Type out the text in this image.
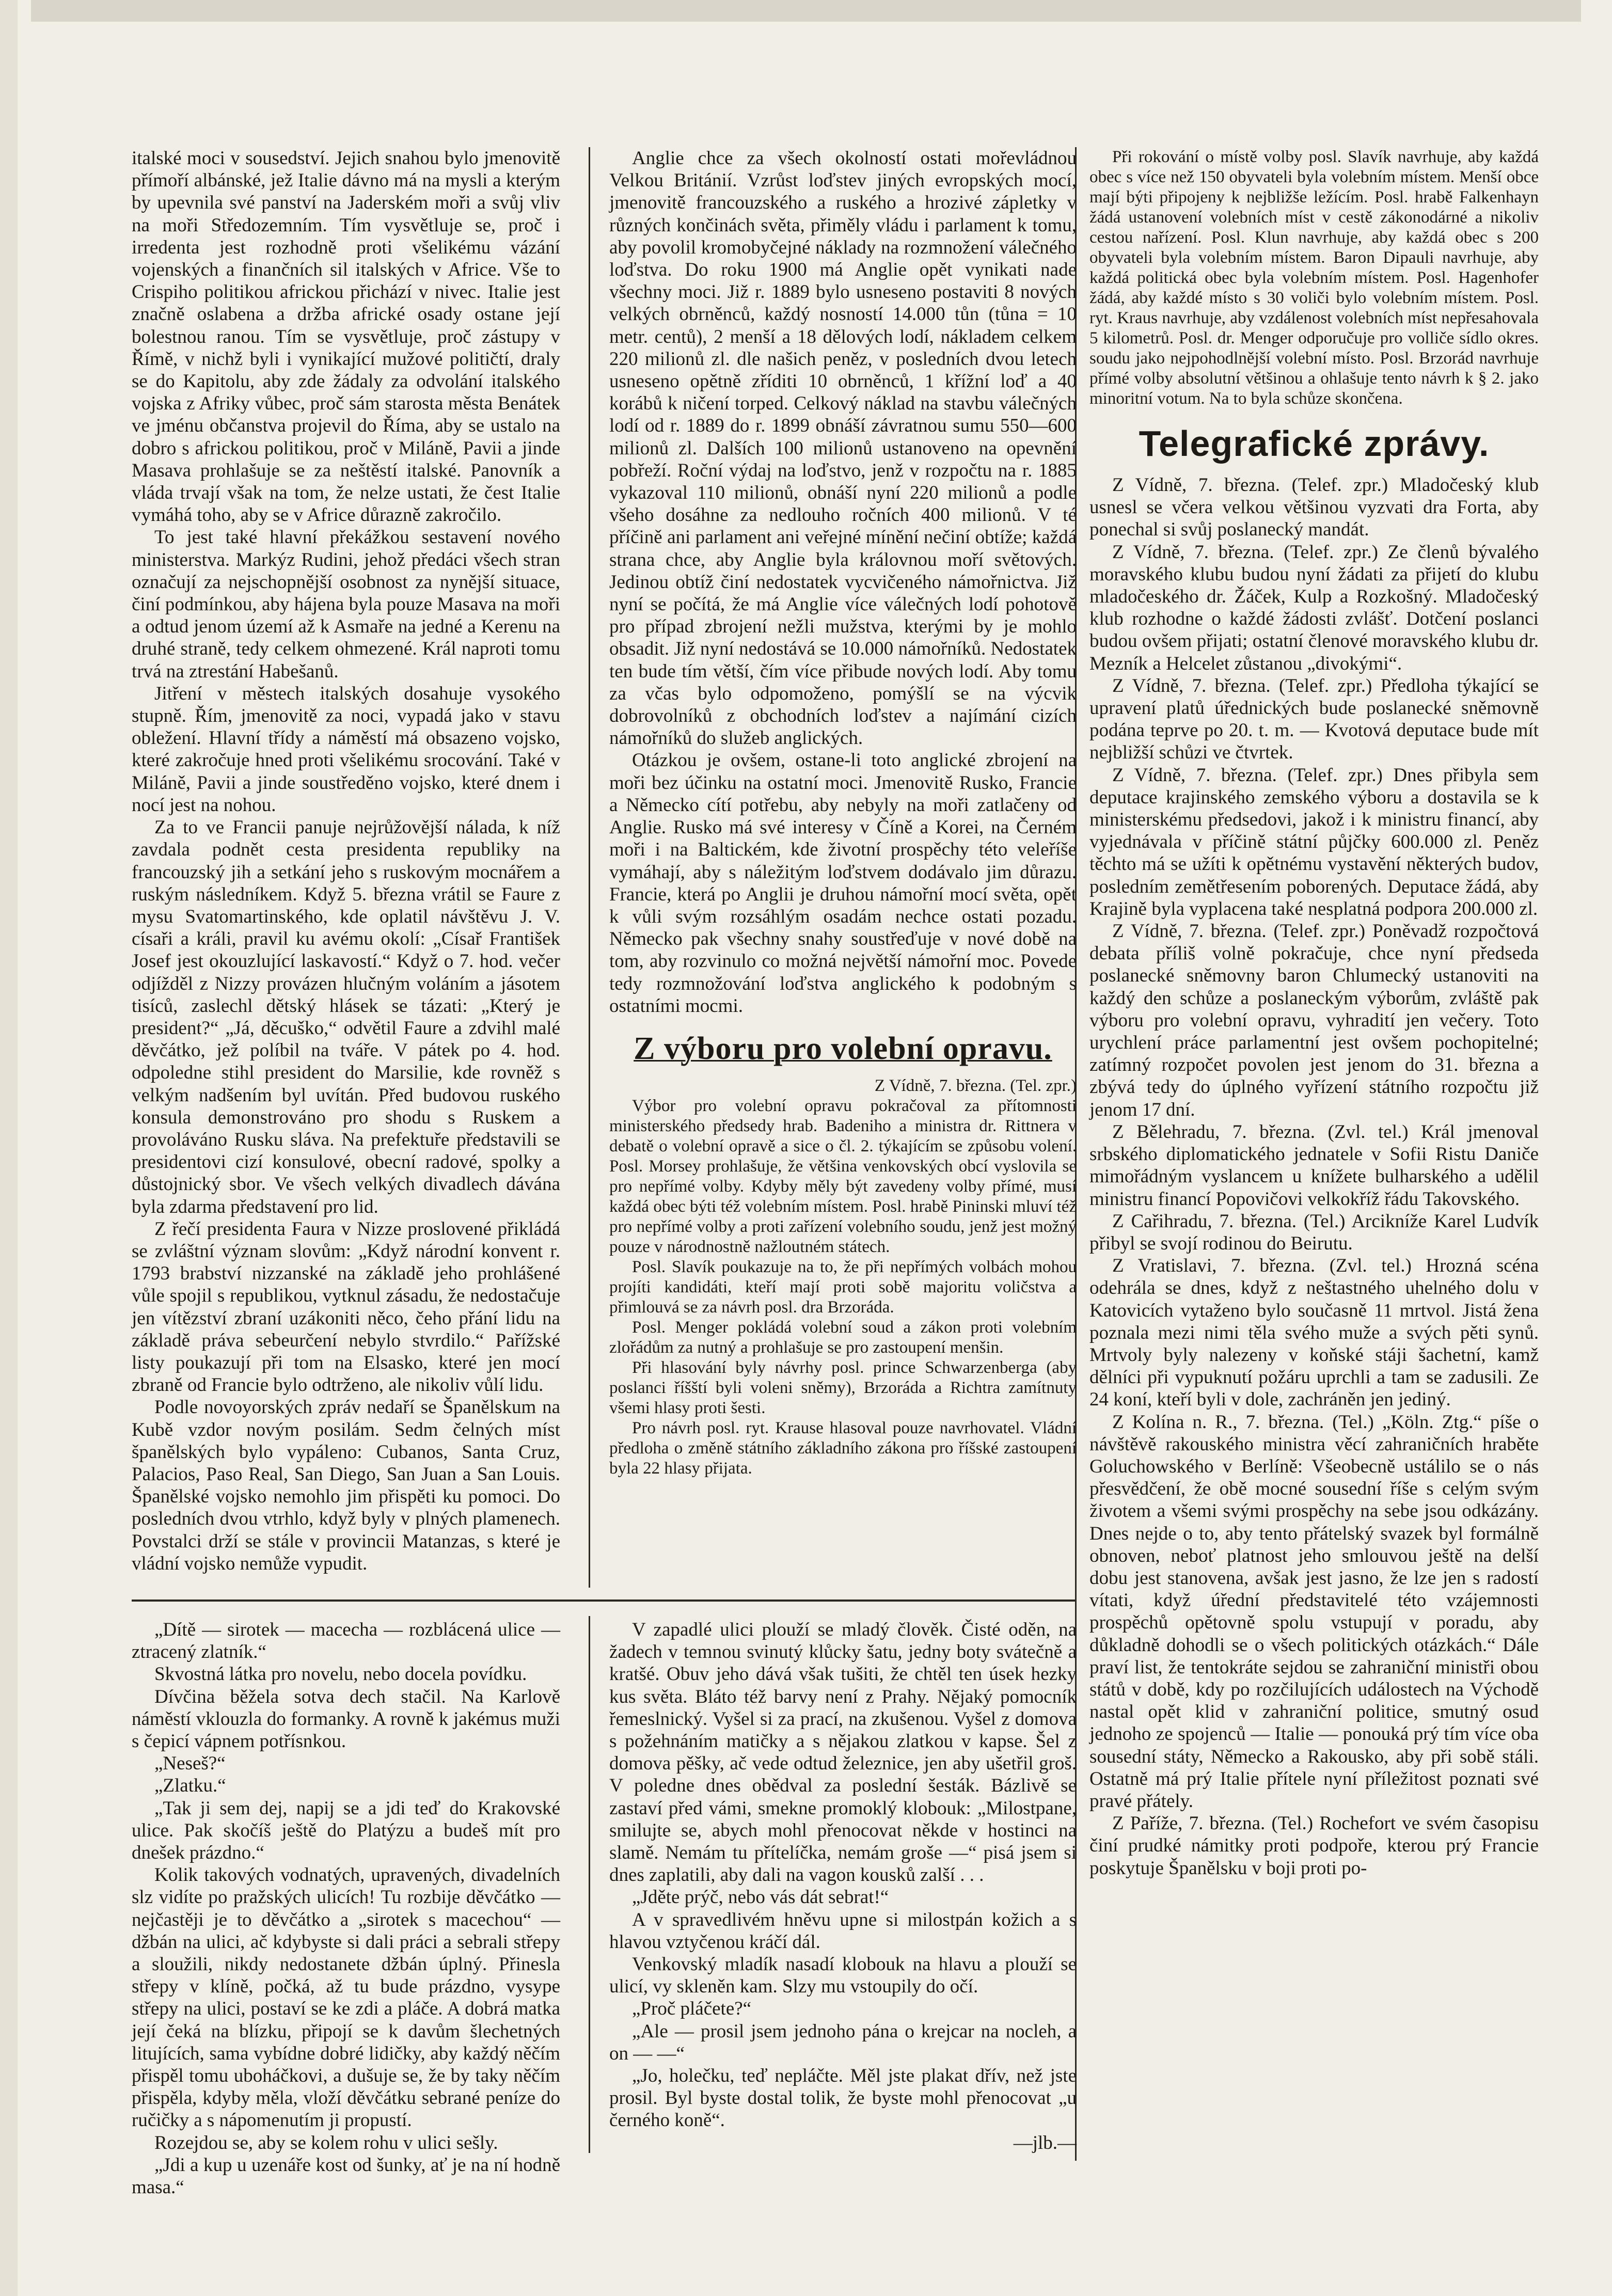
italské moci v sousedství. Jejich snahou bylo jmenovitě přímoří albánské, jež Italie dávno má na mysli a kterým by upevnila své panství na Jaderském moři a svůj vliv na moři Středozemním. Tím vysvětluje se, proč i irredenta jest rozhodně proti všelikému vázání vojenských a finančních sil italských v Africe. Vše to Crispiho politikou africkou přichází v nivec. Italie jest značně oslabena a držba africké osady ostane její bolestnou ranou. Tím se vysvětluje, proč zástupy v Římě, v nichž byli i vynikající mužové političtí, draly se do Kapitolu, aby zde žádaly za odvolání italského vojska z Afriky vůbec, proč sám starosta města Benátek ve jménu občanstva projevil do Říma, aby se ustalo na dobro s africkou politikou, proč v Miláně, Pavii a jinde Masava prohlašuje se za neštěstí italské. Panovník a vláda trvají však na tom, že nelze ustati, že čest Italie vymáhá toho, aby se v Africe důrazně zakročilo.

To jest také hlavní překážkou sestavení nového ministerstva. Markýz Rudini, jehož předáci všech stran označují za nejschopnější osobnost za nynější situace, činí podmínkou, aby hájena byla pouze Masava na moři a odtud jenom území až k Asmaře na jedné a Kerenu na druhé straně, tedy celkem ohmezené. Král naproti tomu trvá na ztrestání Habešanů.

Jitření v městech italských dosahuje vysokého stupně. Řím, jmenovitě za noci, vypadá jako v stavu obležení. Hlavní třídy a náměstí má obsazeno vojsko, které zakročuje hned proti všelikému srocování. Také v Miláně, Pavii a jinde soustředěno vojsko, které dnem i nocí jest na nohou.

Za to ve Francii panuje nejrůžovější nálada, k níž zavdala podnět cesta presidenta republiky na francouzský jih a setkání jeho s ruskovým mocnářem a ruským následníkem. Když 5. března vrátil se Faure z mysu Svatomartinského, kde oplatil návštěvu J. V. císaři a králi, pravil ku avému okolí: „Císař František Josef jest okouzlující laskavostí.“ Když o 7. hod. večer odjížděl z Nizzy provázen hlučným voláním a jásotem tisíců, zaslechl dětský hlásek se tázati: „Který je president?“ „Já, děcuško,“ odvětil Faure a zdvihl malé děvčátko, jež políbil na tváře. V pátek po 4. hod. odpoledne stihl president do Marsilie, kde rovněž s velkým nadšením byl uvítán. Před budovou ruského konsula demonstrováno pro shodu s Ruskem a provoláváno Rusku sláva. Na prefektuře představili se presidentovi cizí konsulové, obecní radové, spolky a důstojnický sbor. Ve všech velkých divadlech dávána byla zdarma představení pro lid.

Z řečí presidenta Faura v Nizze proslovené přikládá se zvláštní význam slovům: „Když národní konvent r. 1793 brabství nizzanské na základě jeho prohlášené vůle spojil s republikou, vytknul zásadu, že nedostačuje jen vítězství zbraní uzákoniti něco, čeho přání lidu na základě práva sebeurčení nebylo stvrdilo.“ Pařížské listy poukazují při tom na Elsasko, které jen mocí zbraně od Francie bylo odtrženo, ale nikoliv vůlí lidu.

Podle novoyorských zpráv nedaří se Španělskum na Kubě vzdor novým posilám. Sedm čelných míst španělských bylo vypáleno: Cubanos, Santa Cruz, Palacios, Paso Real, San Diego, San Juan a San Louis. Španělské vojsko nemohlo jim přispěti ku pomoci. Do posledních dvou vtrhlo, když byly v plných plamenech. Povstalci drží se stále v provincii Matanzas, s které je vládní vojsko nemůže vypudit.

Anglie chce za všech okolností ostati mořevládnou Velkou Británií. Vzrůst loďstev jiných evropských mocí, jmenovitě francouzského a ruského a hrozivé zápletky v různých končinách světa, přiměly vládu i parlament k tomu, aby povolil kromobyčejné náklady na rozmnožení válečného loďstva. Do roku 1900 má Anglie opět vynikati nade všechny moci. Již r. 1889 bylo usneseno postaviti 8 nových velkých obrněnců, každý nosností 14.000 tůn (tůna = 10 metr. centů), 2 menší a 18 dělových lodí, nákladem celkem 220 milionů zl. dle našich peněz, v posledních dvou letech usneseno opětně zříditi 10 obrněnců, 1 křížní loď a 40 korábů k ničení torped. Celkový náklad na stavbu válečných lodí od r. 1889 do r. 1899 obnáší závratnou sumu 550—600 milionů zl. Dalších 100 milionů ustanoveno na opevnění pobřeží. Roční výdaj na loďstvo, jenž v rozpočtu na r. 1885 vykazoval 110 milionů, obnáší nyní 220 milionů a podle všeho dosáhne za nedlouho ročních 400 milionů. V té příčině ani parlament ani veřejné mínění nečiní obtíže; každá strana chce, aby Anglie byla královnou moří světových. Jedinou obtíž činí nedostatek vycvičeného námořnictva. Již nyní se počítá, že má Anglie více válečných lodí pohotově pro případ zbrojení nežli mužstva, kterými by je mohlo obsadit. Již nyní nedostává se 10.000 námořníků. Nedostatek ten bude tím větší, čím více přibude nových lodí. Aby tomu za včas bylo odpomoženo, pomýšlí se na výcvik dobrovolníků z obchodních loďstev a najímání cizích námořníků do služeb anglických.

Otázkou je ovšem, ostane-li toto anglické zbrojení na moři bez účinku na ostatní moci. Jmenovitě Rusko, Francie a Německo cítí potřebu, aby nebyly na moři zatlačeny od Anglie. Rusko má své interesy v Číně a Korei, na Černém moři i na Baltickém, kde životní prospěchy této veleříše vymáhají, aby s náležitým loďstvem dodávalo jim důrazu. Francie, která po Anglii je druhou námořní mocí světa, opět k vůli svým rozsáhlým osadám nechce ostati pozadu. Německo pak všechny snahy soustřeďuje v nové době na tom, aby rozvinulo co možná největší námořní moc. Povede tedy rozmnožování loďstva anglického k podobným s ostatními mocmi.

Z výboru pro volební opravu.
Z Vídně, 7. března. (Tel. zpr.)

Výbor pro volební opravu pokračoval za přítomnosti ministerského předsedy hrab. Badeniho a ministra dr. Rittnera v debatě o volební opravě a sice o čl. 2. týkajícím se způsobu volení. Posl. Morsey prohlašuje, že většina venkovských obcí vyslovila se pro nepřímé volby. Kdyby měly být zavedeny volby přímé, musí každá obec býti též volebním místem. Posl. hrabě Pininski mluví též pro nepřímé volby a proti zařízení volebního soudu, jenž jest možný pouze v národnostně nažloutném státech.

Posl. Slavík poukazuje na to, že při nepřímých volbách mohou projíti kandidáti, kteří mají proti sobě majoritu voličstva a přimlouvá se za návrh posl. dra Brzoráda.

Posl. Menger pokládá volební soud a zákon proti volebním zlořádům za nutný a prohlašuje se pro zastoupení menšin.

Při hlasování byly návrhy posl. prince Schwarzenberga (aby poslanci říšští byli voleni sněmy), Brzoráda a Richtra zamítnuty všemi hlasy proti šesti.

Pro návrh posl. ryt. Krause hlasoval pouze navrhovatel. Vládní předloha o změně státního základního zákona pro říšské zastoupení byla 22 hlasy přijata.

Při rokování o místě volby posl. Slavík navrhuje, aby každá obec s více než 150 obyvateli byla volebním místem. Menší obce mají býti připojeny k nejbližše ležícím. Posl. hrabě Falkenhayn žádá ustanovení volebních míst v cestě zákonodárné a nikoliv cestou nařízení. Posl. Klun navrhuje, aby každá obec s 200 obyvateli byla volebním místem. Baron Dipauli navrhuje, aby každá politická obec byla volebním místem. Posl. Hagenhofer žádá, aby každé místo s 30 voliči bylo volebním místem. Posl. ryt. Kraus navrhuje, aby vzdálenost volebních míst nepřesahovala 5 kilometrů. Posl. dr. Menger odporučuje pro volliče sídlo okres. soudu jako nejpohodlnější volební místo. Posl. Brzorád navrhuje přímé volby absolutní většinou a ohlašuje tento návrh k § 2. jako minoritní votum. Na to byla schůze skončena.

Telegrafické zprávy.

Z Vídně, 7. března. (Telef. zpr.) Mladočeský klub usnesl se včera velkou většinou vyzvati dra Forta, aby ponechal si svůj poslanecký mandát.

Z Vídně, 7. března. (Telef. zpr.) Ze členů bývalého moravského klubu budou nyní žádati za přijetí do klubu mladočeského dr. Žáček, Kulp a Rozkošný. Mladočeský klub rozhodne o každé žádosti zvlášť. Dotčení poslanci budou ovšem přijati; ostatní členové moravského klubu dr. Mezník a Helcelet zůstanou „divokými“.

Z Vídně, 7. března. (Telef. zpr.) Předloha týkající se upravení platů úřednických bude poslanecké sněmovně podána teprve po 20. t. m. — Kvotová deputace bude mít nejbližší schůzi ve čtvrtek.

Z Vídně, 7. března. (Telef. zpr.) Dnes přibyla sem deputace krajinského zemského výboru a dostavila se k ministerskému předsedovi, jakož i k ministru financí, aby vyjednávala v příčině státní půjčky 600.000 zl. Peněz těchto má se užíti k opětnému vystavění některých budov, posledním zemětřesením poborených. Deputace žádá, aby Krajině byla vyplacena také nesplatná podpora 200.000 zl.

Z Vídně, 7. března. (Telef. zpr.) Poněvadž rozpočtová debata příliš volně pokračuje, chce nyní předseda poslanecké sněmovny baron Chlumecký ustanoviti na každý den schůze a poslaneckým výborům, zvláště pak výboru pro volební opravu, vyhradití jen večery. Toto urychlení práce parlamentní jest ovšem pochopitelné; zatímný rozpočet povolen jest jenom do 31. března a zbývá tedy do úplného vyřízení státního rozpočtu již jenom 17 dní.

Z Bělehradu, 7. března. (Zvl. tel.) Král jmenoval srbského diplomatického jednatele v Sofii Ristu Daniče mimořádným vyslancem u knížete bulharského a udělil ministru financí Popovičovi velkokříž řádu Takovského.

Z Cařihradu, 7. března. (Tel.) Arcikníže Karel Ludvík přibyl se svojí rodinou do Beirutu.

Z Vratislavi, 7. března. (Zvl. tel.) Hrozná scéna odehrála se dnes, když z neštastného uhelného dolu v Katovicích vytaženo bylo současně 11 mrtvol. Jistá žena poznala mezi nimi těla svého muže a svých pěti synů. Mrtvoly byly nalezeny v koňské stáji šachetní, kamž dělníci při vypuknutí požáru uprchli a tam se zadusili. Ze 24 koní, kteří byli v dole, zachráněn jen jediný.

Z Kolína n. R., 7. března. (Tel.) „Köln. Ztg.“ píše o návštěvě rakouského ministra věcí zahraničních hraběte Goluchowského v Berlíně: Všeobecně ustálilo se o nás přesvědčení, že obě mocné sousední říše s celým svým životem a všemi svými prospěchy na sebe jsou odkázány. Dnes nejde o to, aby tento přátelský svazek byl formálně obnoven, neboť platnost jeho smlouvou ještě na delší dobu jest stanovena, avšak jest jasno, že lze jen s radostí vítati, když úřední představitelé této vzájemnosti prospěchů opětovně spolu vstupují v poradu, aby důkladně dohodli se o všech politických otázkách.“ Dále praví list, že tentokráte sejdou se zahraniční ministři obou států v době, kdy po rozčilujících událostech na Východě nastal opět klid v zahraniční politice, smutný osud jednoho ze spojenců — Italie — ponouká prý tím více oba sousední státy, Německo a Rakousko, aby při sobě stáli. Ostatně má prý Italie přítele nyní příležitost poznati své pravé přátely.

Z Paříže, 7. března. (Tel.) Rochefort ve svém časopisu činí prudké námitky proti podpoře, kterou prý Francie poskytuje Španělsku v boji proti po-

„Dítě — sirotek — macecha — rozblácená ulice — ztracený zlatník.“

Skvostná látka pro novelu, nebo docela povídku.

Dívčina běžela sotva dech stačil. Na Karlově náměstí vklouzla do formanky. A rovně k jakémus muži s čepicí vápnem potřísnkou.

„Neseš?“

„Zlatku.“

„Tak ji sem dej, napij se a jdi teď do Krakovské ulice. Pak skočíš ještě do Platýzu a budeš mít pro dnešek prázdno.“

Kolik takových vodnatých, upravených, divadelních slz vidíte po pražských ulicích! Tu rozbije děvčátko — nejčastěji je to děvčátko a „sirotek s macechou“ — džbán na ulici, ač kdybyste si dali práci a sebrali střepy a sloužili, nikdy nedostanete džbán úplný. Přinesla střepy v klíně, počká, až tu bude prázdno, vysype střepy na ulici, postaví se ke zdi a pláče. A dobrá matka její čeká na blízku, připojí se k davům šlechetných litujících, sama vybídne dobré lidičky, aby každý něčím přispěl tomu uboháčkovi, a dušuje se, že by taky něčím přispěla, kdyby měla, vloží děvčátku sebrané peníze do ručičky a s nápomenutím ji propustí.

Rozejdou se, aby se kolem rohu v ulici sešly.

„Jdi a kup u uzenáře kost od šunky, ať je na ní hodně masa.“

V zapadlé ulici plouží se mladý člověk. Čisté oděn, na žadech v temnou svinutý klůcky šatu, jedny boty svátečně a kratšé. Obuv jeho dává však tušiti, že chtěl ten úsek hezky kus světa. Bláto též barvy není z Prahy. Nějaký pomocník řemeslnický. Vyšel si za prací, na zkušenou. Vyšel z domova s požehnáním matičky a s nějakou zlatkou v kapse. Šel z domova pěšky, ač vede odtud železnice, jen aby ušetřil groš. V poledne dnes obědval za poslední šesták. Bázlivě se zastaví před vámi, smekne promoklý klobouk: „Milostpane, smilujte se, abych mohl přenocovat někde v hostinci na slamě. Nemám tu přítelíčka, nemám groše —“ pisá jsem si dnes zaplatili, aby dali na vagon kousků zalší . . .

„Jděte prýč, nebo vás dát sebrat!“

A v spravedlivém hněvu upne si milostpán kožich a s hlavou vztyčenou kráčí dál.

Venkovský mladík nasadí klobouk na hlavu a plouží se ulicí, vy skleněn kam. Slzy mu vstoupily do očí.

„Proč pláčete?“

„Ale — prosil jsem jednoho pána o krejcar na nocleh, a on — —“

„Jo, holečku, teď nepláčte. Měl jste plakat dřív, než jste prosil. Byl byste dostal tolik, že byste mohl přenocovat „u černého koně“.

—jlb.—
